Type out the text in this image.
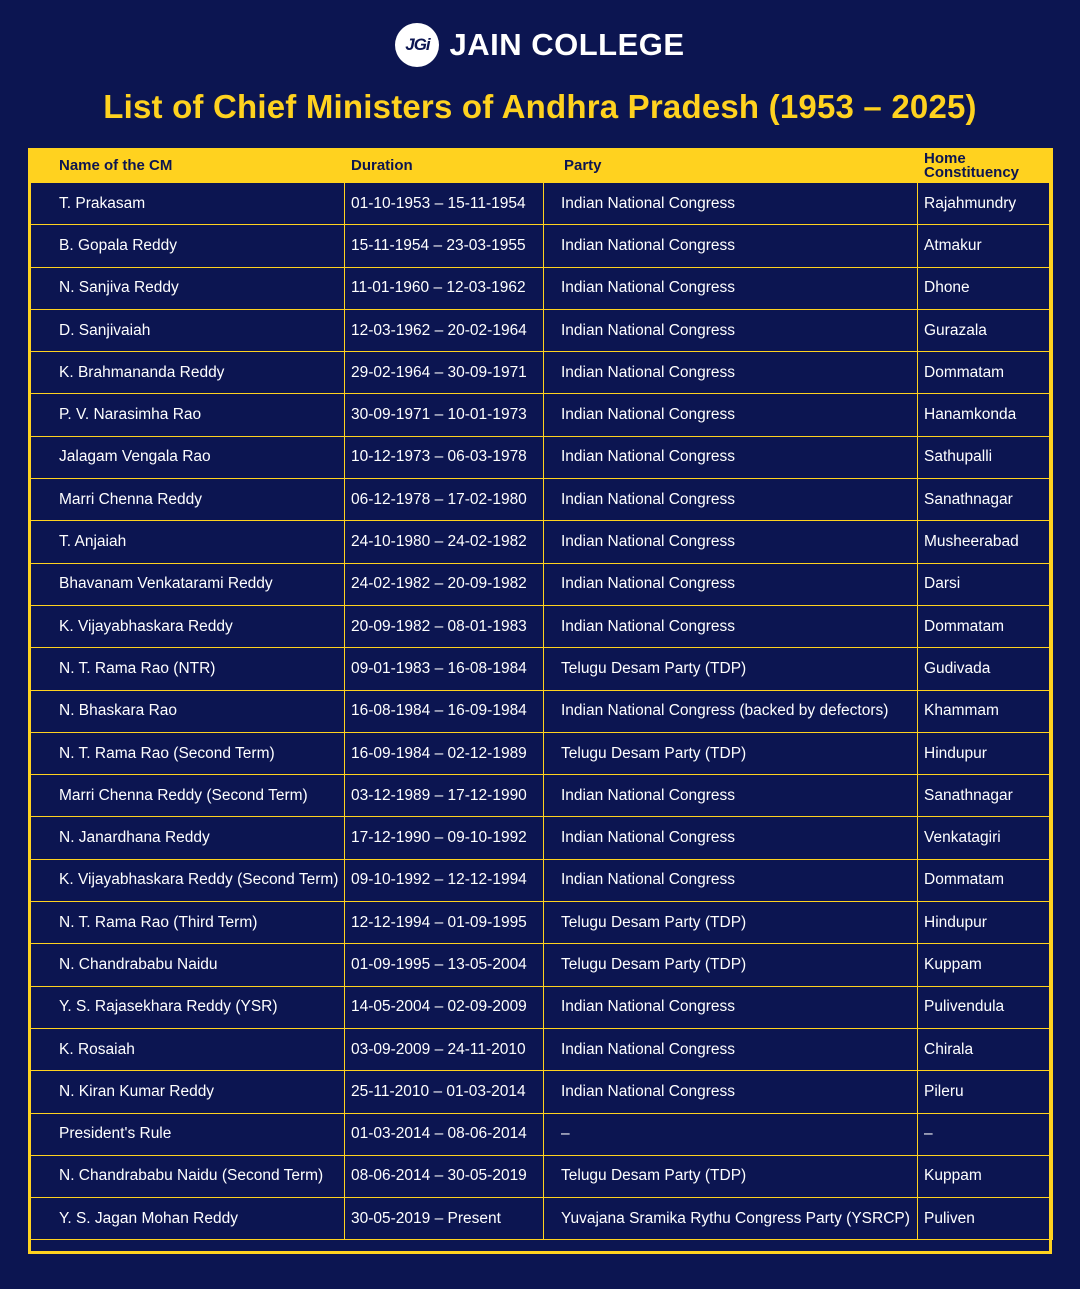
JGi JAIN COLLEGE
List of Chief Ministers of Andhra Pradesh (1953 – 2025)
Name of the CM	Duration	Party	Home Constituency
T. Prakasam	01-10-1953 – 15-11-1954	Indian National Congress	Rajahmundry
B. Gopala Reddy	15-11-1954 – 23-03-1955	Indian National Congress	Atmakur
N. Sanjiva Reddy	11-01-1960 – 12-03-1962	Indian National Congress	Dhone
D. Sanjivaiah	12-03-1962 – 20-02-1964	Indian National Congress	Gurazala
K. Brahmananda Reddy	29-02-1964 – 30-09-1971	Indian National Congress	Dommatam
P. V. Narasimha Rao	30-09-1971 – 10-01-1973	Indian National Congress	Hanamkonda
Jalagam Vengala Rao	10-12-1973 – 06-03-1978	Indian National Congress	Sathupalli
Marri Chenna Reddy	06-12-1978 – 17-02-1980	Indian National Congress	Sanathnagar
T. Anjaiah	24-10-1980 – 24-02-1982	Indian National Congress	Musheerabad
Bhavanam Venkatarami Reddy	24-02-1982 – 20-09-1982	Indian National Congress	Darsi
K. Vijayabhaskara Reddy	20-09-1982 – 08-01-1983	Indian National Congress	Dommatam
N. T. Rama Rao (NTR)	09-01-1983 – 16-08-1984	Telugu Desam Party (TDP)	Gudivada
N. Bhaskara Rao	16-08-1984 – 16-09-1984	Indian National Congress (backed by defectors)	Khammam
N. T. Rama Rao (Second Term)	16-09-1984 – 02-12-1989	Telugu Desam Party (TDP)	Hindupur
Marri Chenna Reddy (Second Term)	03-12-1989 – 17-12-1990	Indian National Congress	Sanathnagar
N. Janardhana Reddy	17-12-1990 – 09-10-1992	Indian National Congress	Venkatagiri
K. Vijayabhaskara Reddy (Second Term)	09-10-1992 – 12-12-1994	Indian National Congress	Dommatam
N. T. Rama Rao (Third Term)	12-12-1994 – 01-09-1995	Telugu Desam Party (TDP)	Hindupur
N. Chandrababu Naidu	01-09-1995 – 13-05-2004	Telugu Desam Party (TDP)	Kuppam
Y. S. Rajasekhara Reddy (YSR)	14-05-2004 – 02-09-2009	Indian National Congress	Pulivendula
K. Rosaiah	03-09-2009 – 24-11-2010	Indian National Congress	Chirala
N. Kiran Kumar Reddy	25-11-2010 – 01-03-2014	Indian National Congress	Pileru
President's Rule	01-03-2014 – 08-06-2014	–	–
N. Chandrababu Naidu (Second Term)	08-06-2014 – 30-05-2019	Telugu Desam Party (TDP)	Kuppam
Y. S. Jagan Mohan Reddy	30-05-2019 – Present	Yuvajana Sramika Rythu Congress Party (YSRCP)	Puliven
